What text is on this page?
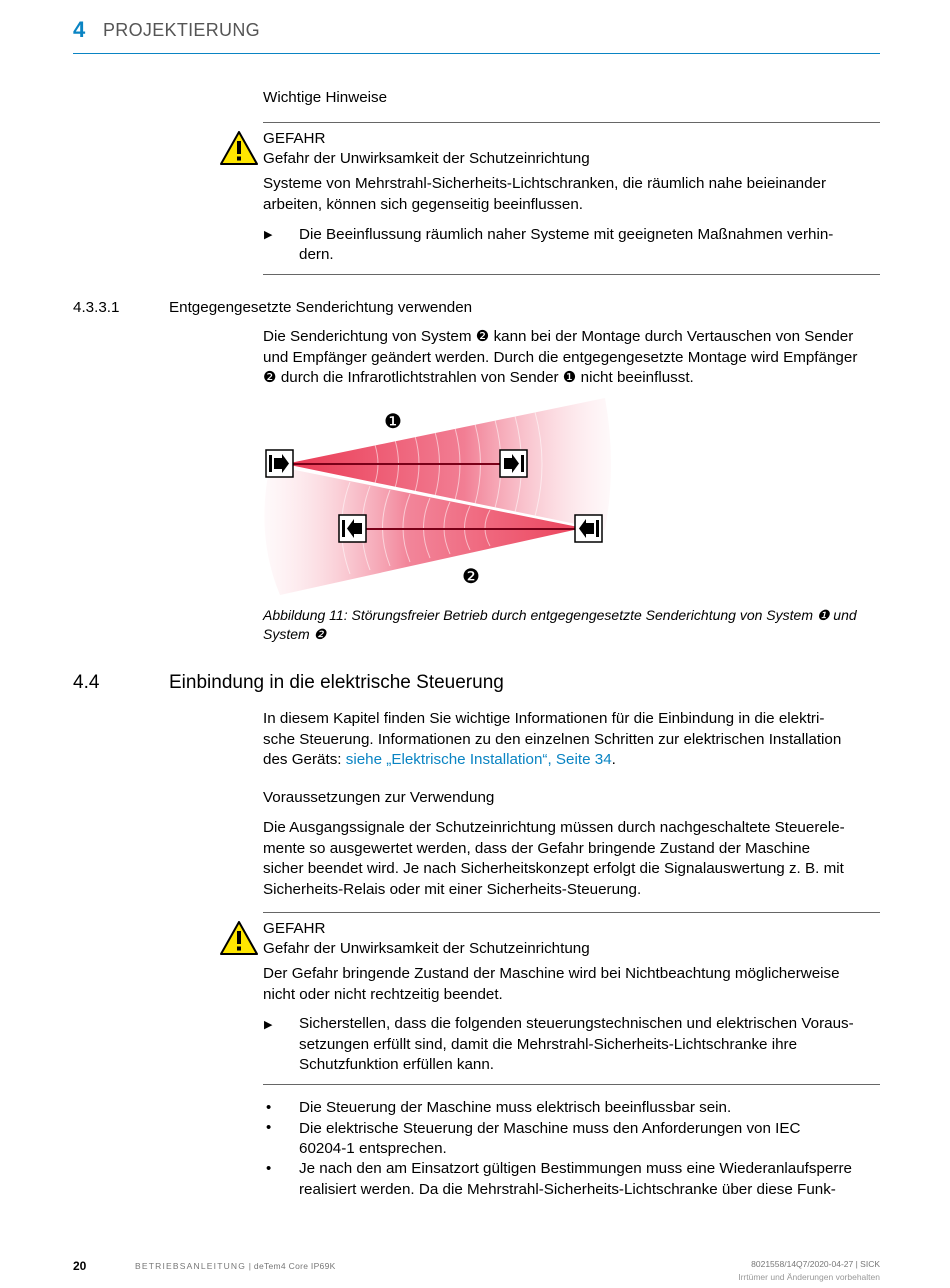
4 PROJEKTIERUNG
Wichtige Hinweise
GEFAHR
Gefahr der Unwirksamkeit der Schutzeinrichtung
Systeme von Mehrstrahl-Sicherheits-Lichtschranken, die räumlich nahe beieinander
arbeiten, können sich gegenseitig beeinflussen.
▶ Die Beeinflussung räumlich naher Systeme mit geeigneten Maßnahmen verhin-
dern.
4.3.3.1	Entgegengesetzte Senderichtung verwenden
Die Senderichtung von System ❷ kann bei der Montage durch Vertauschen von Sender
und Empfänger geändert werden. Durch die entgegengesetzte Montage wird Empfänger
❷ durch die Infrarotlichtstrahlen von Sender ❶ nicht beeinflusst.
❶
❷
Abbildung 11: Störungsfreier Betrieb durch entgegengesetzte Senderichtung von System ❶ und
System ❷
4.4	Einbindung in die elektrische Steuerung
In diesem Kapitel finden Sie wichtige Informationen für die Einbindung in die elektri-
sche Steuerung. Informationen zu den einzelnen Schritten zur elektrischen Installation
des Geräts: siehe „Elektrische Installation“, Seite 34.
Voraussetzungen zur Verwendung
Die Ausgangssignale der Schutzeinrichtung müssen durch nachgeschaltete Steuerele-
mente so ausgewertet werden, dass der Gefahr bringende Zustand der Maschine
sicher beendet wird. Je nach Sicherheitskonzept erfolgt die Signalauswertung z. B. mit
Sicherheits-Relais oder mit einer Sicherheits-Steuerung.
GEFAHR
Gefahr der Unwirksamkeit der Schutzeinrichtung
Der Gefahr bringende Zustand der Maschine wird bei Nichtbeachtung möglicherweise
nicht oder nicht rechtzeitig beendet.
▶ Sicherstellen, dass die folgenden steuerungstechnischen und elektrischen Voraus-
setzungen erfüllt sind, damit die Mehrstrahl-Sicherheits-Lichtschranke ihre
Schutzfunktion erfüllen kann.
• Die Steuerung der Maschine muss elektrisch beeinflussbar sein.
• Die elektrische Steuerung der Maschine muss den Anforderungen von IEC
60204-1 entsprechen.
• Je nach den am Einsatzort gültigen Bestimmungen muss eine Wiederanlaufsperre
realisiert werden. Da die Mehrstrahl-Sicherheits-Lichtschranke über diese Funk-
20	BETRIEBSANLEITUNG | deTem4 Core IP69K	8021558/14Q7/2020-04-27 | SICK
Irrtümer und Änderungen vorbehalten
